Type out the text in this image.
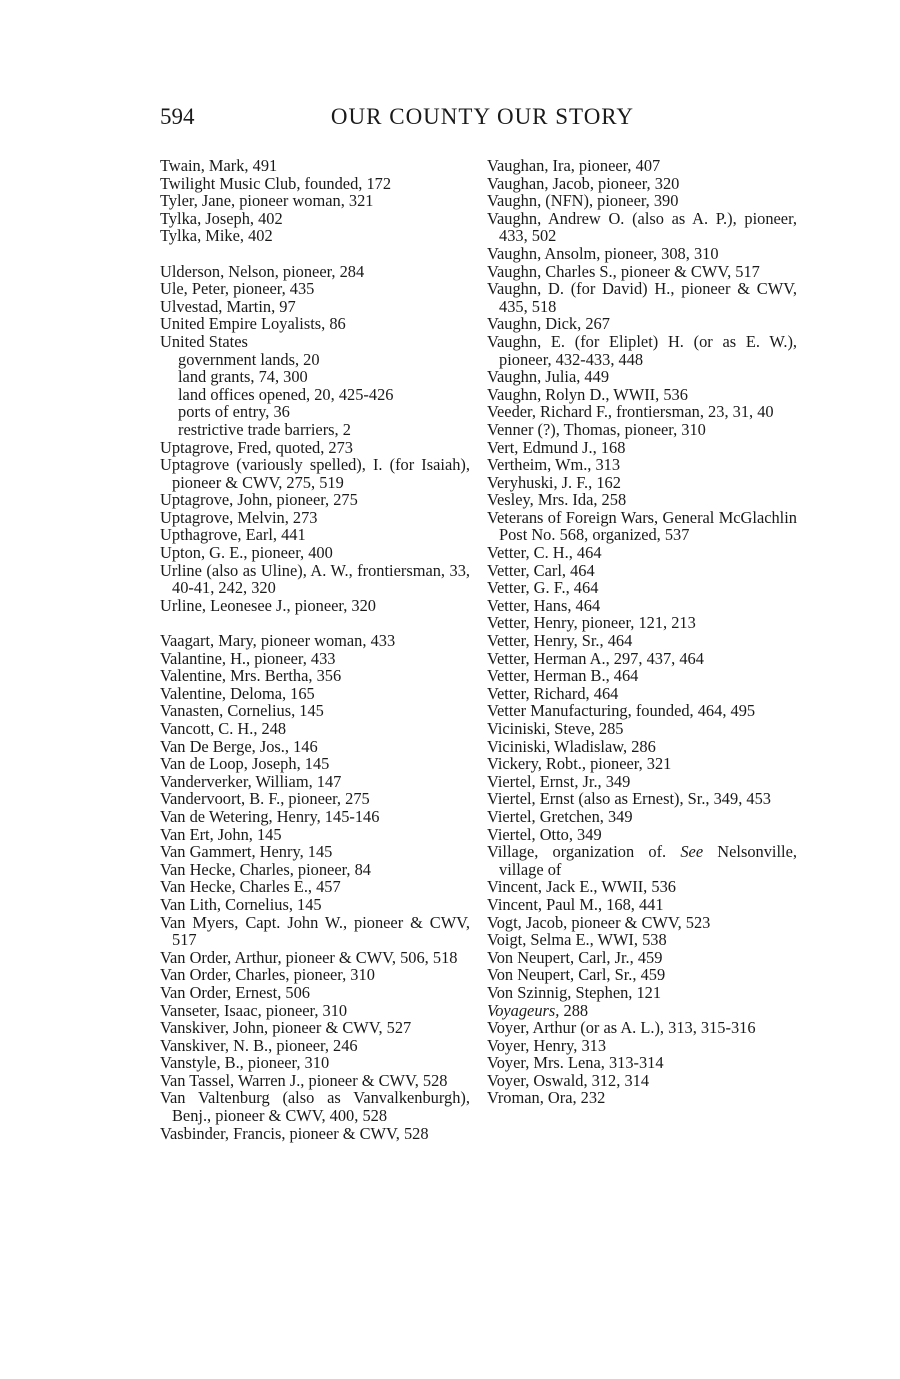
594	OUR COUNTY OUR STORY
Twain, Mark, 491
Twilight Music Club, founded, 172
Tyler, Jane, pioneer woman, 321
Tylka, Joseph, 402
Tylka, Mike, 402
Ulderson, Nelson, pioneer, 284
Ule, Peter, pioneer, 435
Ulvestad, Martin, 97
United Empire Loyalists, 86
United States
government lands, 20
land grants, 74, 300
land offices opened, 20, 425-426
ports of entry, 36
restrictive trade barriers, 2
Uptagrove, Fred, quoted, 273
Uptagrove (variously spelled), I. (for Isaiah), pioneer & CWV, 275, 519
Uptagrove, John, pioneer, 275
Uptagrove, Melvin, 273
Upthagrove, Earl, 441
Upton, G. E., pioneer, 400
Urline (also as Uline), A. W., frontiersman, 33, 40-41, 242, 320
Urline, Leonesee J., pioneer, 320
Vaagart, Mary, pioneer woman, 433
Valantine, H., pioneer, 433
Valentine, Mrs. Bertha, 356
Valentine, Deloma, 165
Vanasten, Cornelius, 145
Vancott, C. H., 248
Van De Berge, Jos., 146
Van de Loop, Joseph, 145
Vanderverker, William, 147
Vandervoort, B. F., pioneer, 275
Van de Wetering, Henry, 145-146
Van Ert, John, 145
Van Gammert, Henry, 145
Van Hecke, Charles, pioneer, 84
Van Hecke, Charles E., 457
Van Lith, Cornelius, 145
Van Myers, Capt. John W., pioneer & CWV, 517
Van Order, Arthur, pioneer & CWV, 506, 518
Van Order, Charles, pioneer, 310
Van Order, Ernest, 506
Vanseter, Isaac, pioneer, 310
Vanskiver, John, pioneer & CWV, 527
Vanskiver, N. B., pioneer, 246
Vanstyle, B., pioneer, 310
Van Tassel, Warren J., pioneer & CWV, 528
Van Valtenburg (also as Vanvalkenburgh), Benj., pioneer & CWV, 400, 528
Vasbinder, Francis, pioneer & CWV, 528
Vaughan, Ira, pioneer, 407
Vaughan, Jacob, pioneer, 320
Vaughn, (NFN), pioneer, 390
Vaughn, Andrew O. (also as A. P.), pioneer, 433, 502
Vaughn, Ansolm, pioneer, 308, 310
Vaughn, Charles S., pioneer & CWV, 517
Vaughn, D. (for David) H., pioneer & CWV, 435, 518
Vaughn, Dick, 267
Vaughn, E. (for Eliplet) H. (or as E. W.), pioneer, 432-433, 448
Vaughn, Julia, 449
Vaughn, Rolyn D., WWII, 536
Veeder, Richard F., frontiersman, 23, 31, 40
Venner (?), Thomas, pioneer, 310
Vert, Edmund J., 168
Vertheim, Wm., 313
Veryhuski, J. F., 162
Vesley, Mrs. Ida, 258
Veterans of Foreign Wars, General McGlachlin Post No. 568, organized, 537
Vetter, C. H., 464
Vetter, Carl, 464
Vetter, G. F., 464
Vetter, Hans, 464
Vetter, Henry, pioneer, 121, 213
Vetter, Henry, Sr., 464
Vetter, Herman A., 297, 437, 464
Vetter, Herman B., 464
Vetter, Richard, 464
Vetter Manufacturing, founded, 464, 495
Viciniski, Steve, 285
Viciniski, Wladislaw, 286
Vickery, Robt., pioneer, 321
Viertel, Ernst, Jr., 349
Viertel, Ernst (also as Ernest), Sr., 349, 453
Viertel, Gretchen, 349
Viertel, Otto, 349
Village, organization of. See Nelsonville, village of
Vincent, Jack E., WWII, 536
Vincent, Paul M., 168, 441
Vogt, Jacob, pioneer & CWV, 523
Voigt, Selma E., WWI, 538
Von Neupert, Carl, Jr., 459
Von Neupert, Carl, Sr., 459
Von Szinnig, Stephen, 121
Voyageurs, 288
Voyer, Arthur (or as A. L.), 313, 315-316
Voyer, Henry, 313
Voyer, Mrs. Lena, 313-314
Voyer, Oswald, 312, 314
Vroman, Ora, 232
